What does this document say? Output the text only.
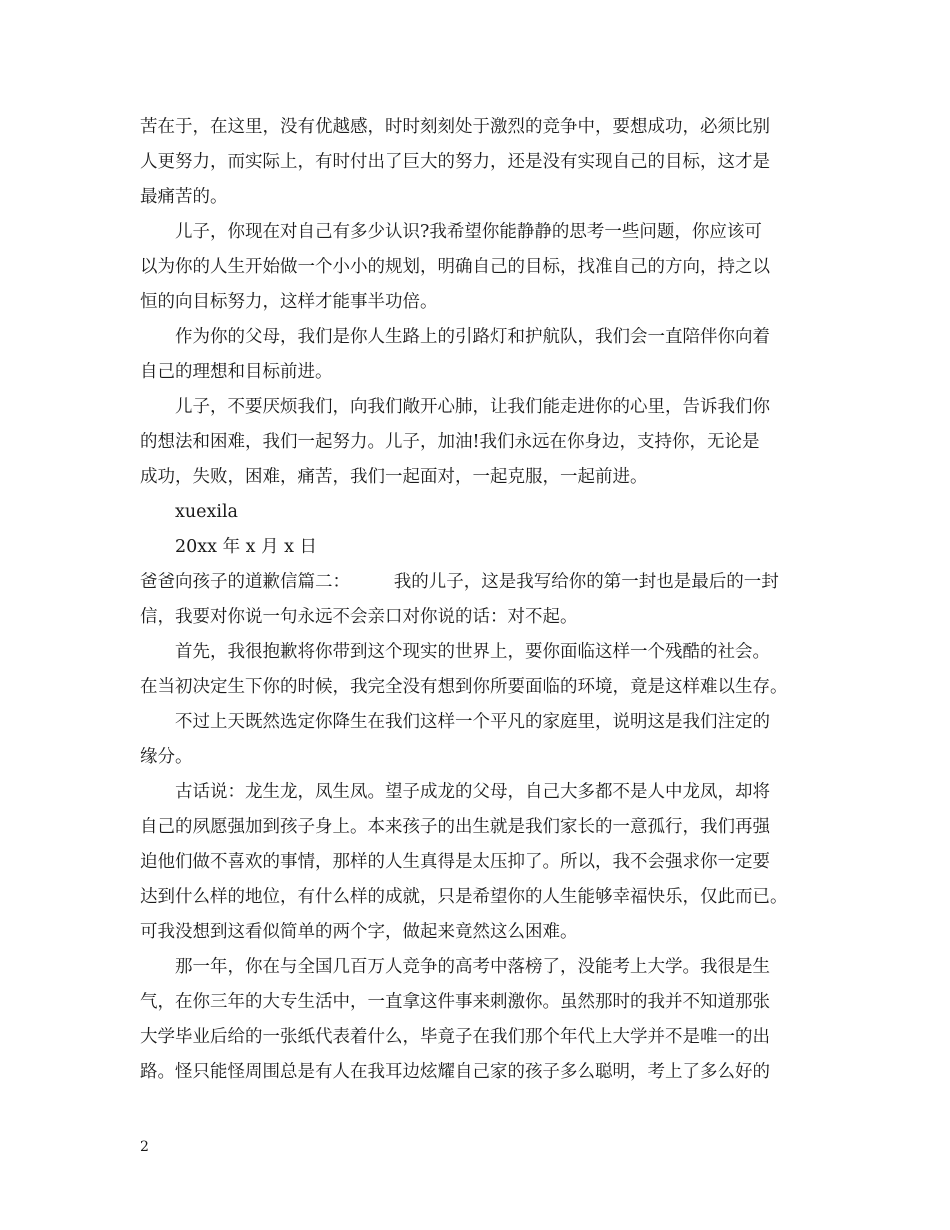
苦在于，在这里，没有优越感，时时刻刻处于激烈的竞争中，要想成功，必须比别
人更努力，而实际上，有时付出了巨大的努力，还是没有实现自己的目标，这才是
最痛苦的。
儿子，你现在对自己有多少认识?我希望你能静静的思考一些问题，你应该可
以为你的人生开始做一个小小的规划，明确自己的目标，找准自己的方向，持之以
恒的向目标努力，这样才能事半功倍。
作为你的父母，我们是你人生路上的引路灯和护航队，我们会一直陪伴你向着
自己的理想和目标前进。
儿子，不要厌烦我们，向我们敞开心肺，让我们能走进你的心里，告诉我们你
的想法和困难，我们一起努力。儿子，加油!我们永远在你身边，支持你，无论是
成功，失败，困难，痛苦，我们一起面对，一起克服，一起前进。
xuexila
20xx 年 x 月 x 日
爸爸向孩子的道歉信篇二：　　　我的儿子，这是我写给你的第一封也是最后的一封
信，我要对你说一句永远不会亲口对你说的话：对不起。
首先，我很抱歉将你带到这个现实的世界上，要你面临这样一个残酷的社会。
在当初决定生下你的时候，我完全没有想到你所要面临的环境，竟是这样难以生存。
不过上天既然选定你降生在我们这样一个平凡的家庭里，说明这是我们注定的
缘分。
古话说：龙生龙，凤生凤。望子成龙的父母，自己大多都不是人中龙凤，却将
自己的夙愿强加到孩子身上。本来孩子的出生就是我们家长的一意孤行，我们再强
迫他们做不喜欢的事情，那样的人生真得是太压抑了。所以，我不会强求你一定要
达到什么样的地位，有什么样的成就，只是希望你的人生能够幸福快乐，仅此而已。
可我没想到这看似简单的两个字，做起来竟然这么困难。
那一年，你在与全国几百万人竞争的高考中落榜了，没能考上大学。我很是生
气，在你三年的大专生活中，一直拿这件事来刺激你。虽然那时的我并不知道那张
大学毕业后给的一张纸代表着什么，毕竟子在我们那个年代上大学并不是唯一的出
路。怪只能怪周围总是有人在我耳边炫耀自己家的孩子多么聪明，考上了多么好的
2
